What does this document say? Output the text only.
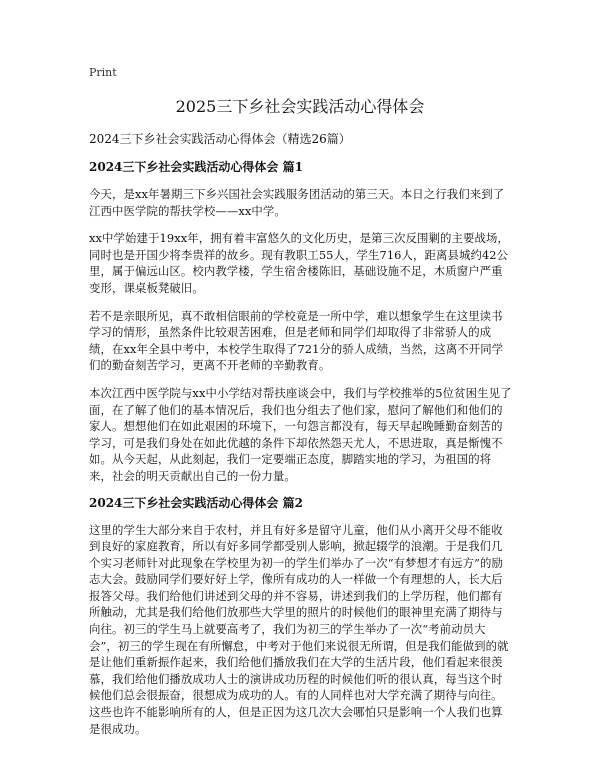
Print
2025三下乡社会实践活动心得体会

2024三下乡社会实践活动心得体会（精选26篇）

2024三下乡社会实践活动心得体会 篇1

今天，是xx年暑期三下乡兴国社会实践服务团活动的第三天。本日之行我们来到了江西中医学院的帮扶学校——xx中学。

xx中学始建于19xx年，拥有着丰富悠久的文化历史，是第三次反围剿的主要战场，同时也是开国少将李贵祥的故乡。现有教职工55人，学生716人，距离县城约42公里，属于偏远山区。校内教学楼，学生宿舍楼陈旧，基础设施不足，木质窗户严重变形，课桌板凳破旧。

若不是亲眼所见，真不敢相信眼前的学校竟是一所中学，难以想象学生在这里读书学习的情形，虽然条件比较艰苦困难，但是老师和同学们却取得了非常骄人的成绩，在xx年全县中考中，本校学生取得了721分的骄人成绩，当然，这离不开同学们的勤奋刻苦学习，更离不开老师的辛勤教育。

本次江西中医学院与xx中小学结对帮扶座谈会中，我们与学校推举的5位贫困生见了面，在了解了他们的基本情况后，我们也分组去了他们家，慰问了解他们和他们的家人。想想他们在如此艰困的环境下，一句怨言都没有，每天早起晚睡勤奋刻苦的学习，可是我们身处在如此优越的条件下却依然怨天尤人，不思进取，真是惭愧不如。从今天起，从此刻起，我们一定要端正态度，脚踏实地的学习，为祖国的将来，社会的明天贡献出自己的一份力量。

2024三下乡社会实践活动心得体会 篇2

这里的学生大部分来自于农村，并且有好多是留守儿童，他们从小离开父母不能收到良好的家庭教育，所以有好多同学都受别人影响，掀起辍学的浪潮。于是我们几个实习老师针对此现象在学校里为初一的学生们举办了一次“有梦想才有远方”的励志大会。鼓励同学们要好好上学，像所有成功的人一样做一个有理想的人，长大后报答父母。我们给他们讲述到父母的并不容易，讲述到我们的上学历程，他们都有所触动，尤其是我们给他们放那些大学里的照片的时候他们的眼神里充满了期待与向往。初三的学生马上就要高考了，我们为初三的学生举办了一次“考前动员大会”，初三的学生现在有所懈怠，中考对于他们来说很无所谓，但是我们能做到的就是让他们重新振作起来，我们给他们播放我们在大学的生活片段，他们看起来很羡慕，我们给他们播放成功人士的演讲成功历程的时候他们听的很认真，每当这个时候他们总会很振奋，很想成为成功的人。有的人同样也对大学充满了期待与向往。这些也许不能影响所有的人，但是正因为这几次大会哪怕只是影响一个人我们也算是很成功。
